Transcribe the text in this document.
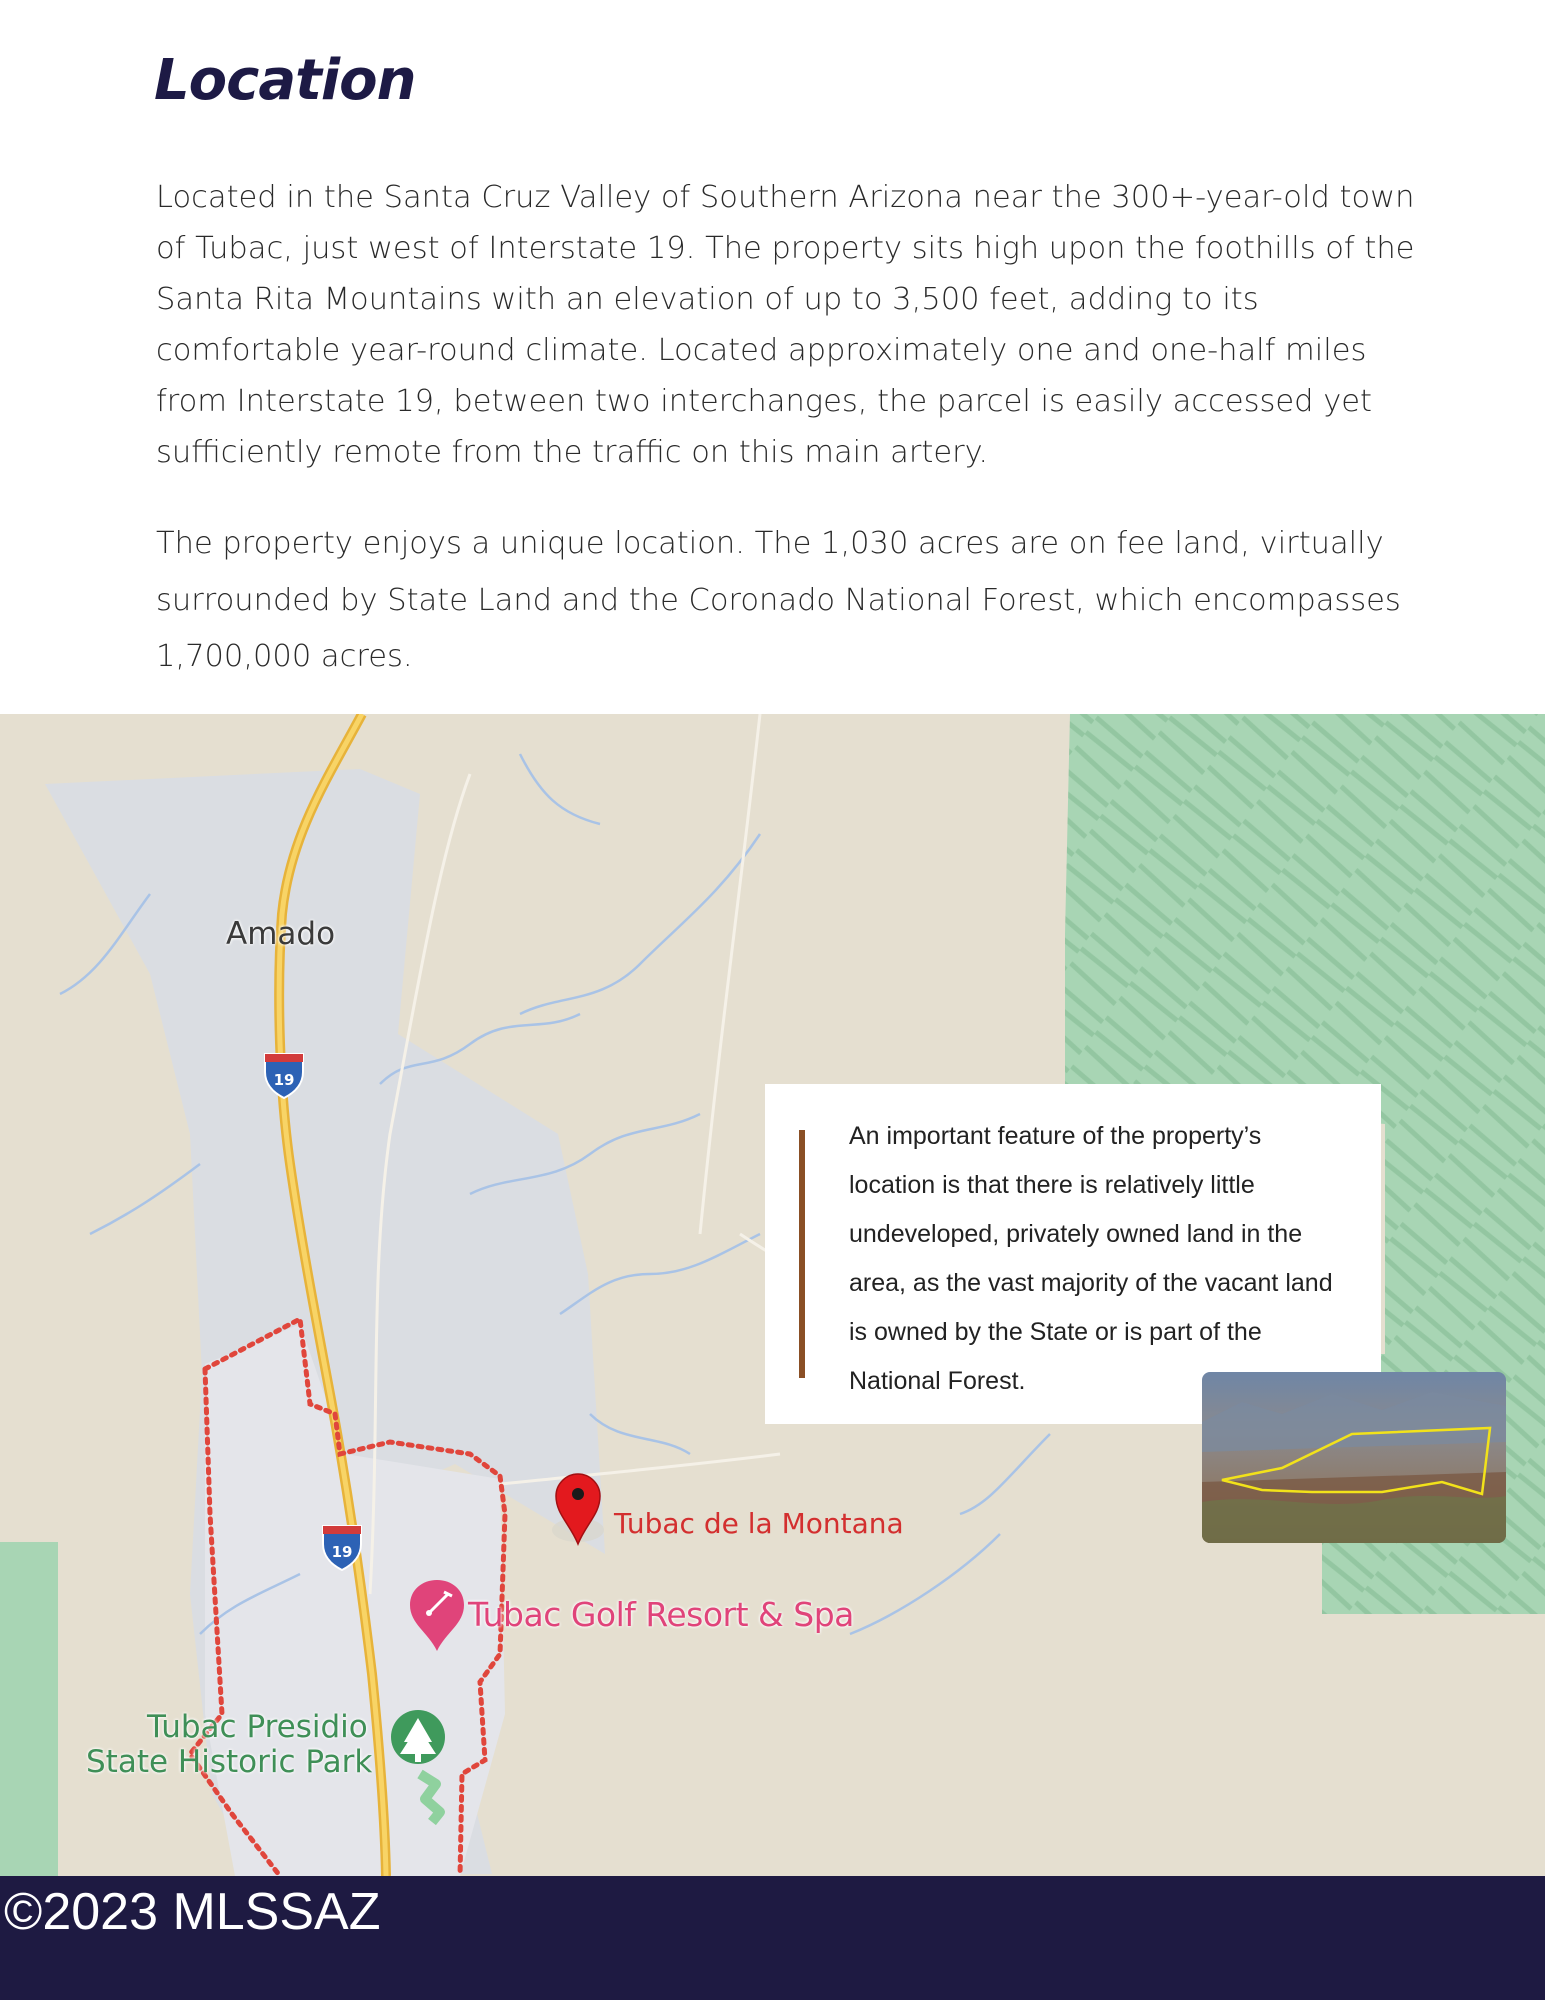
Location

Located in the Santa Cruz Valley of Southern Arizona near the 300+-year-old town of Tubac, just west of Interstate 19. The property sits high upon the foothills of the Santa Rita Mountains with an elevation of up to 3,500 feet, adding to its comfortable year-round climate. Located approximately one and one-half miles from Interstate 19, between two interchanges, the parcel is easily accessed yet sufficiently remote from the traffic on this main artery.

The property enjoys a unique location. The 1,030 acres are on fee land, virtually surrounded by State Land and the Coronado National Forest, which encompasses 1,700,000 acres.

19
19
Amado
Tubac de la Montana
Tubac Golf Resort & Spa
Tubac Presidio
State Historic Park

An important feature of the property’s location is that there is relatively little undeveloped, privately owned land in the area, as the vast majority of the vacant land is owned by the State or is part of the National Forest.

©2023 MLSSAZ
